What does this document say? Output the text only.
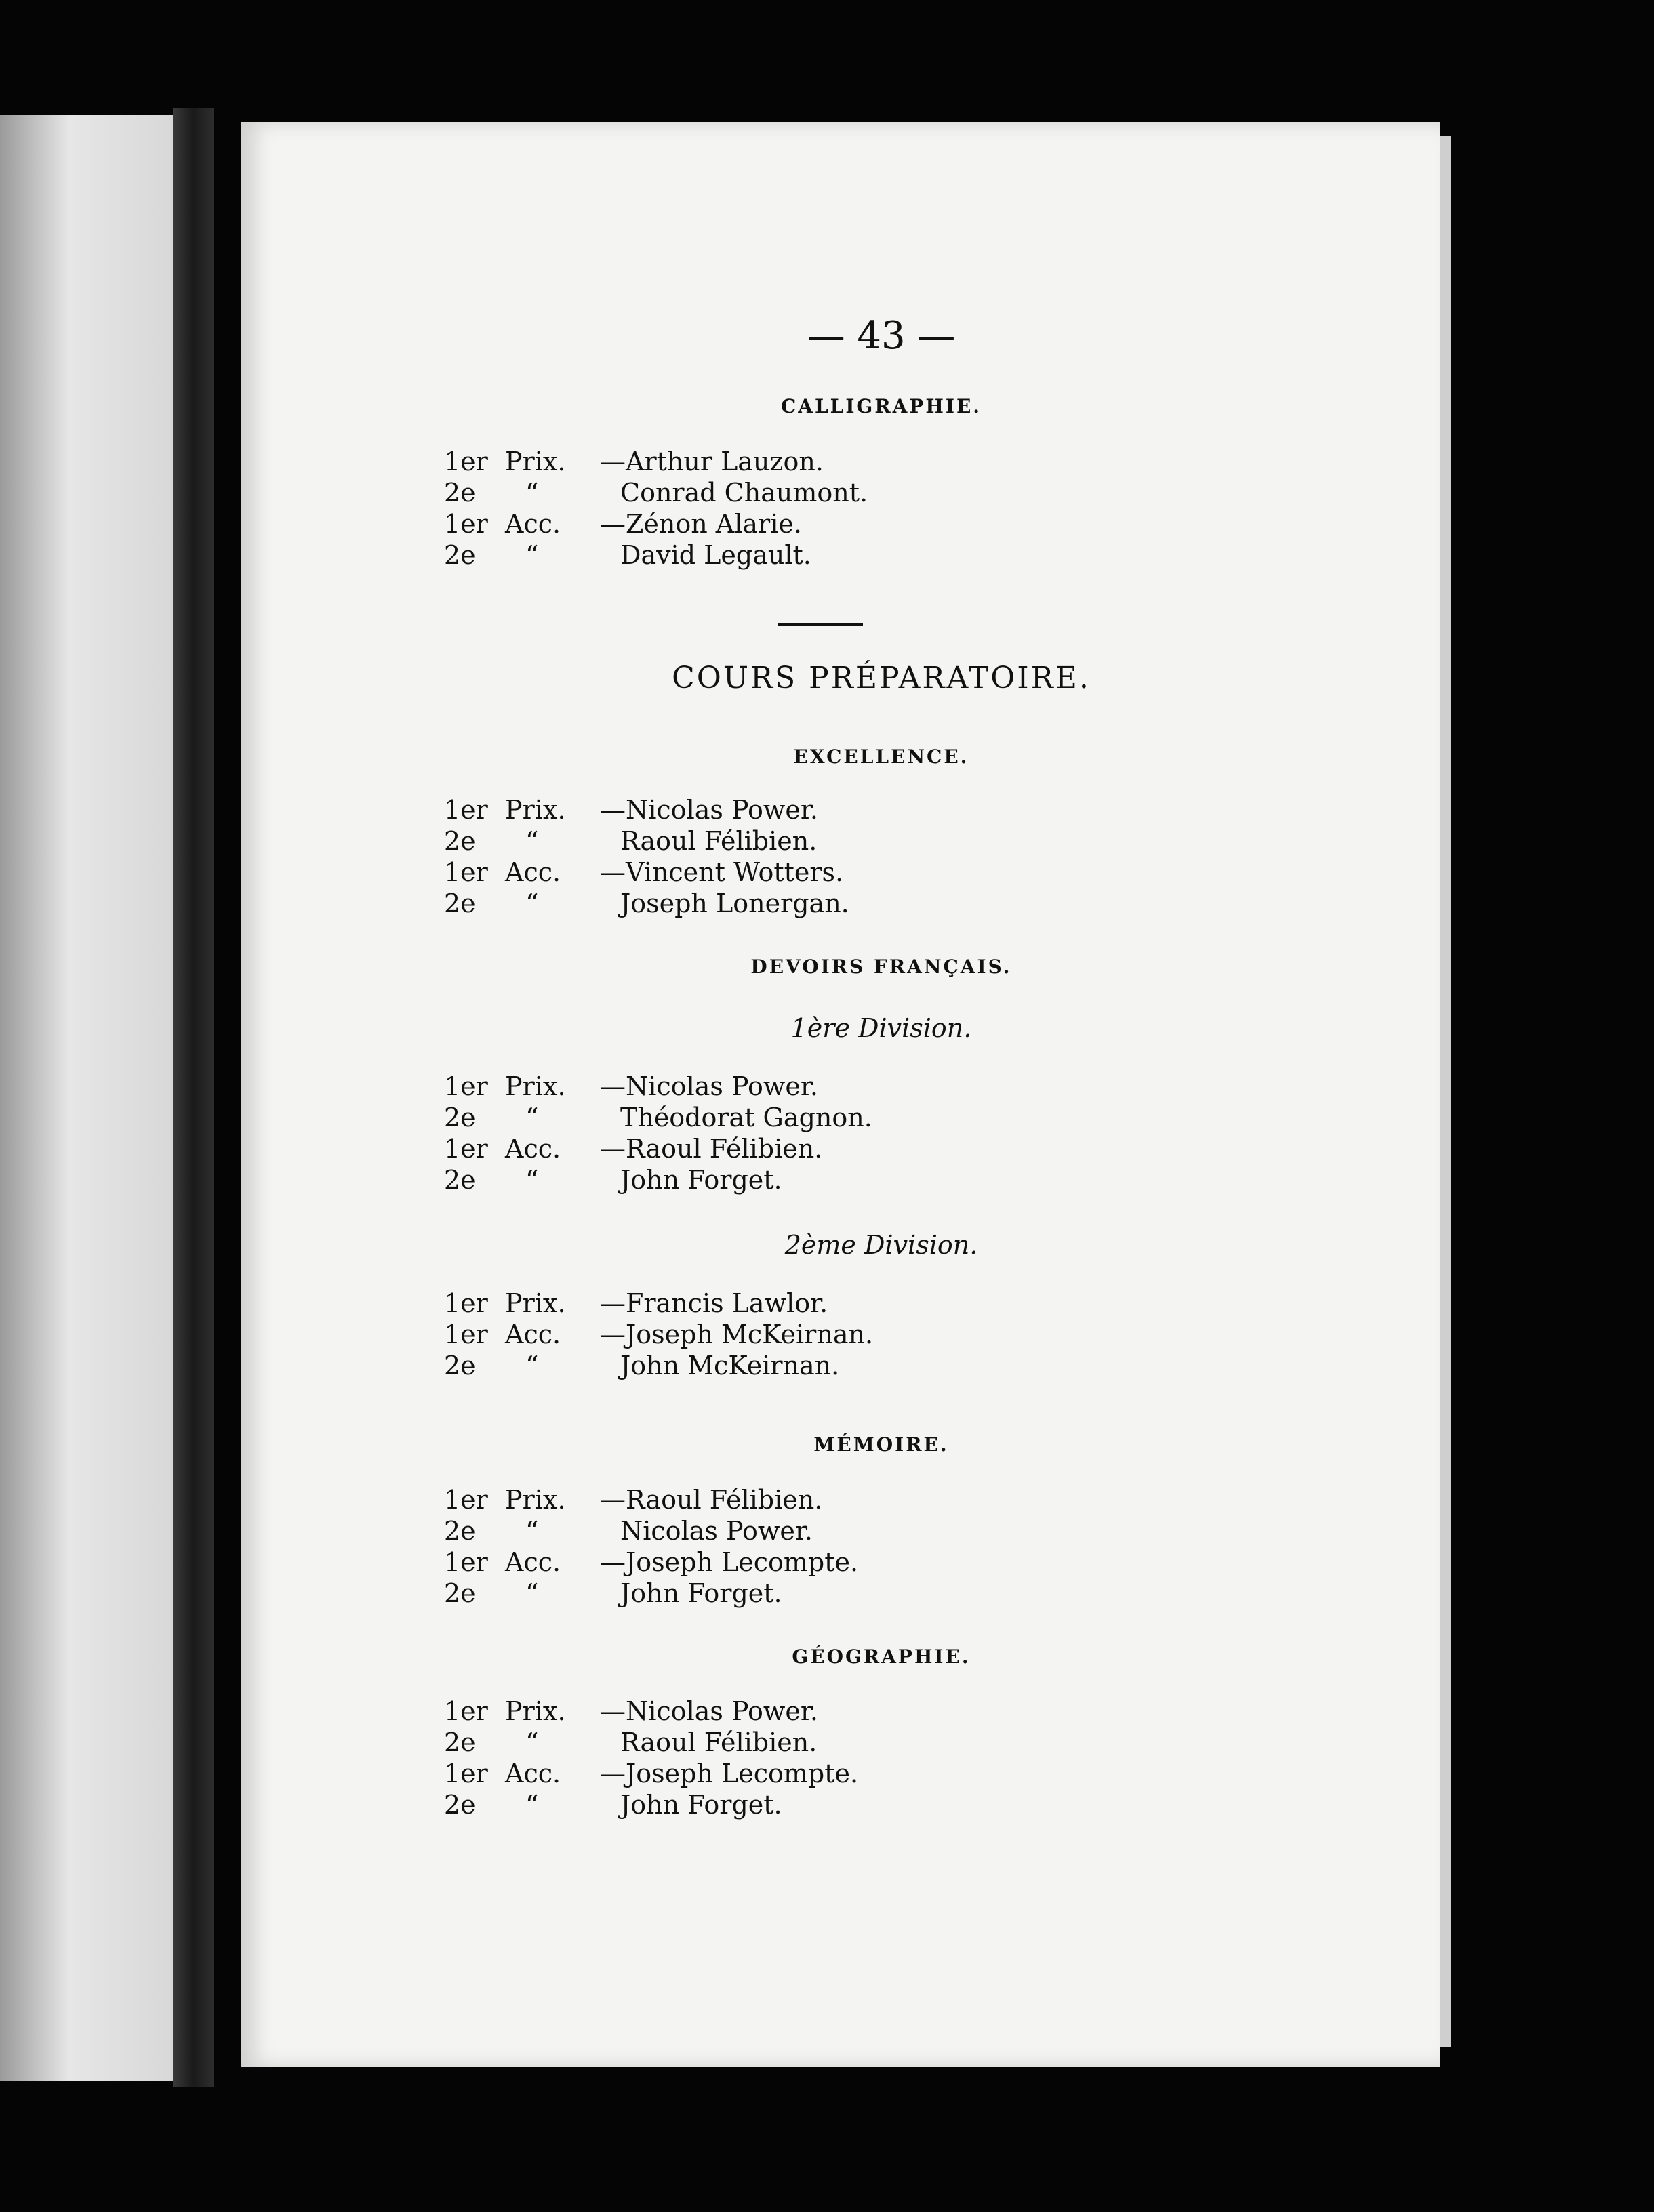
— 43 —
CALLIGRAPHIE.
1er Prix.	—Arthur Lauzon.
2e	“	Conrad Chaumont.
1er Acc.	—Zénon Alarie.
2e	“	David Legault.
COURS PRÉPARATOIRE.
EXCELLENCE.
1er Prix.	—Nicolas Power.
2e	“	Raoul Félibien.
1er Acc.	—Vincent Wotters.
2e	“	Joseph Lonergan.
DEVOIRS FRANÇAIS.
1ère Division.
1er Prix.	—Nicolas Power.
2e	“	Théodorat Gagnon.
1er Acc.	—Raoul Félibien.
2e	“	John Forget.
2ème Division.
1er Prix.	—Francis Lawlor.
1er Acc.	—Joseph McKeirnan.
2e	“	John McKeirnan.
MÉMOIRE.
1er Prix.	—Raoul Félibien.
2e	“	Nicolas Power.
1er Acc.	—Joseph Lecompte.
2e	“	John Forget.
GÉOGRAPHIE.
1er Prix.	—Nicolas Power.
2e	“	Raoul Félibien.
1er Acc.	—Joseph Lecompte.
2e	“	John Forget.
